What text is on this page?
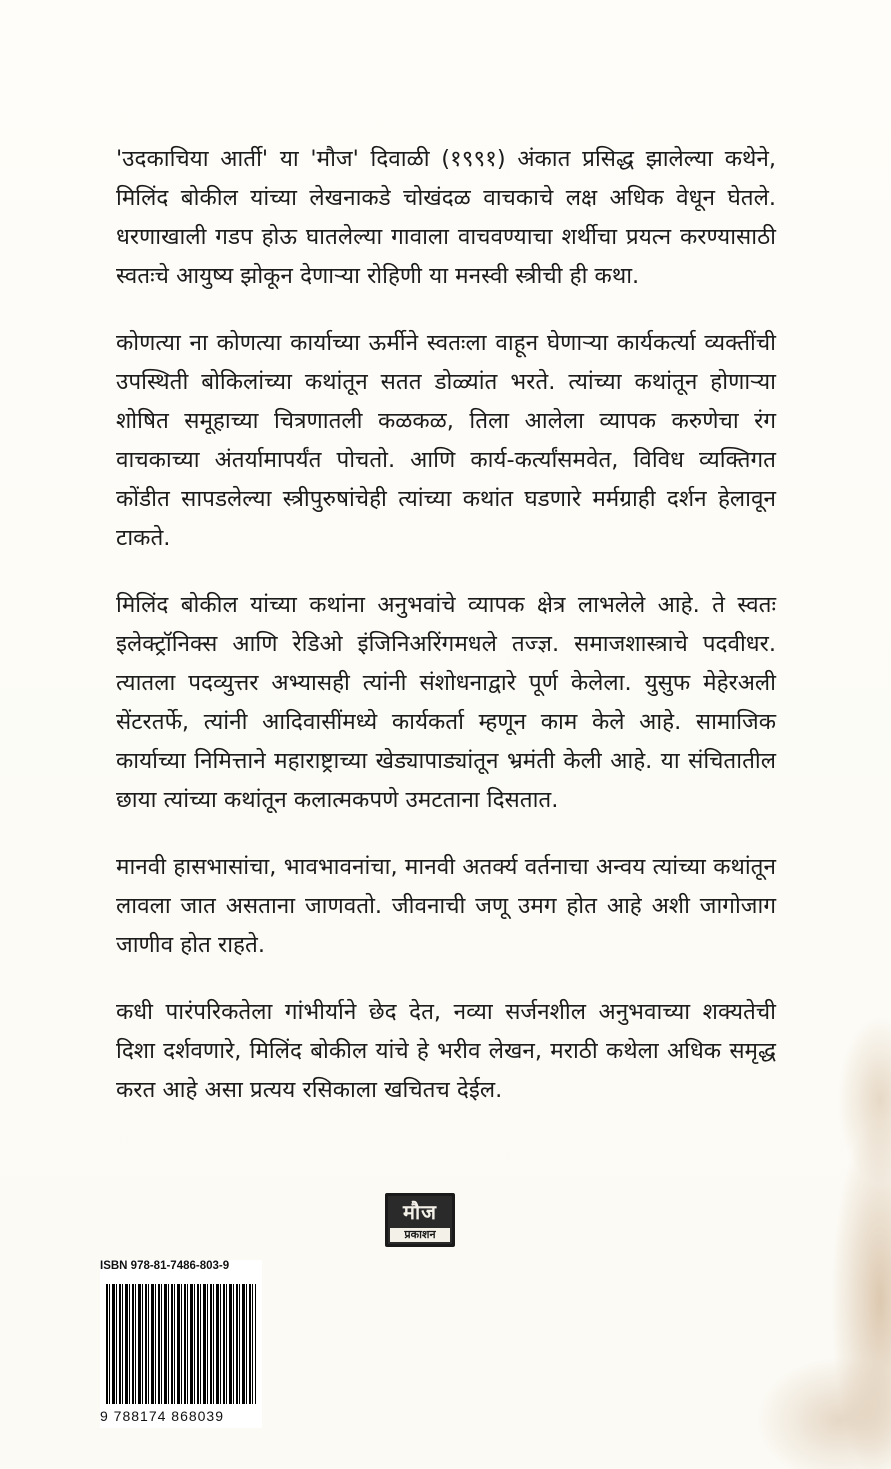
'उदकाचिया आर्ती' या 'मौज' दिवाळी (१९९१) अंकात प्रसिद्ध झालेल्या कथेने, मिलिंद बोकील यांच्या लेखनाकडे चोखंदळ वाचकाचे लक्ष अधिक वेधून घेतले. धरणाखाली गडप होऊ घातलेल्या गावाला वाचवण्याचा शर्थीचा प्रयत्न करण्यासाठी स्वतःचे आयुष्य झोकून देणाऱ्या रोहिणी या मनस्वी स्त्रीची ही कथा.

कोणत्या ना कोणत्या कार्याच्या ऊर्मीने स्वतःला वाहून घेणाऱ्या कार्यकर्त्या व्यक्तींची उपस्थिती बोकिलांच्या कथांतून सतत डोळ्यांत भरते. त्यांच्या कथांतून होणाऱ्या शोषित समूहाच्या चित्रणातली कळकळ, तिला आलेला व्यापक करुणेचा रंग वाचकाच्या अंतर्यामापर्यंत पोचतो. आणि कार्य-कर्त्यांसमवेत, विविध व्यक्तिगत कोंडीत सापडलेल्या स्त्रीपुरुषांचेही त्यांच्या कथांत घडणारे मर्मग्राही दर्शन हेलावून टाकते.

मिलिंद बोकील यांच्या कथांना अनुभवांचे व्यापक क्षेत्र लाभलेले आहे. ते स्वतः इलेक्ट्रॉनिक्स आणि रेडिओ इंजिनिअरिंगमधले तज्ज्ञ. समाजशास्त्राचे पदवीधर. त्यातला पदव्युत्तर अभ्यासही त्यांनी संशोधनाद्वारे पूर्ण केलेला. युसुफ मेहेरअली सेंटरतर्फे, त्यांनी आदिवासींमध्ये कार्यकर्ता म्हणून काम केले आहे. सामाजिक कार्याच्या निमित्ताने महाराष्ट्राच्या खेड्यापाड्यांतून भ्रमंती केली आहे. या संचितातील छाया त्यांच्या कथांतून कलात्मकपणे उमटताना दिसतात.

मानवी हासभासांचा, भावभावनांचा, मानवी अतर्क्य वर्तनाचा अन्वय त्यांच्या कथांतून लावला जात असताना जाणवतो. जीवनाची जणू उमग होत आहे अशी जागोजाग जाणीव होत राहते.

कधी पारंपरिकतेला गांभीर्याने छेद देत, नव्या सर्जनशील अनुभवाच्या शक्यतेची दिशा दर्शवणारे, मिलिंद बोकील यांचे हे भरीव लेखन, मराठी कथेला अधिक समृद्ध करत आहे असा प्रत्यय रसिकाला खचितच देईल.

मौज
प्रकाशन
ISBN 978-81-7486-803-9
9 788174 868039
